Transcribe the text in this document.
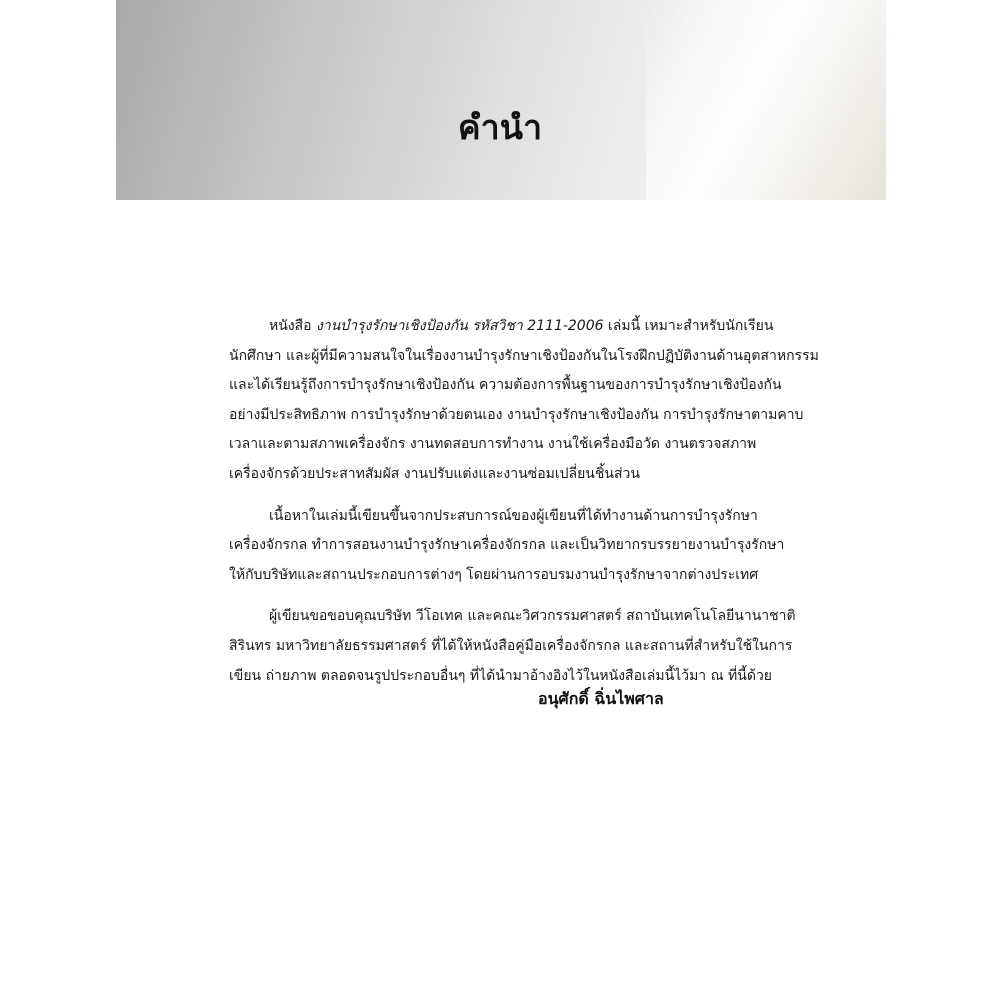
คำนำ

หนังสือ งานบำรุงรักษาเชิงป้องกัน รหัสวิชา 2111-2006 เล่มนี้ เหมาะสำหรับนักเรียน
นักศึกษา และผู้ที่มีความสนใจในเรื่องงานบำรุงรักษาเชิงป้องกันในโรงฝึกปฏิบัติงานด้านอุตสาหกรรม
และได้เรียนรู้ถึงการบำรุงรักษาเชิงป้องกัน ความต้องการพื้นฐานของการบำรุงรักษาเชิงป้องกัน
อย่างมีประสิทธิภาพ การบำรุงรักษาด้วยตนเอง งานบำรุงรักษาเชิงป้องกัน การบำรุงรักษาตามคาบ
เวลาและตามสภาพเครื่องจักร งานทดสอบการทำงาน งานใช้เครื่องมือวัด งานตรวจสภาพ
เครื่องจักรด้วยประสาทสัมผัส งานปรับแต่งและงานซ่อมเปลี่ยนชิ้นส่วน

เนื้อหาในเล่มนี้เขียนขึ้นจากประสบการณ์ของผู้เขียนที่ได้ทำงานด้านการบำรุงรักษา
เครื่องจักรกล ทำการสอนงานบำรุงรักษาเครื่องจักรกล และเป็นวิทยากรบรรยายงานบำรุงรักษา
ให้กับบริษัทและสถานประกอบการต่างๆ โดยผ่านการอบรมงานบำรุงรักษาจากต่างประเทศ

ผู้เขียนขอขอบคุณบริษัท วีโอเทค และคณะวิศวกรรมศาสตร์ สถาบันเทคโนโลยีนานาชาติ
สิรินทร มหาวิทยาลัยธรรมศาสตร์ ที่ได้ให้หนังสือคู่มือเครื่องจักรกล และสถานที่สำหรับใช้ในการ
เขียน ถ่ายภาพ ตลอดจนรูปประกอบอื่นๆ ที่ได้นำมาอ้างอิงไว้ในหนังสือเล่มนี้ไว้มา ณ ที่นี้ด้วย

อนุศักดิ์ ฉิ่นไพศาล
